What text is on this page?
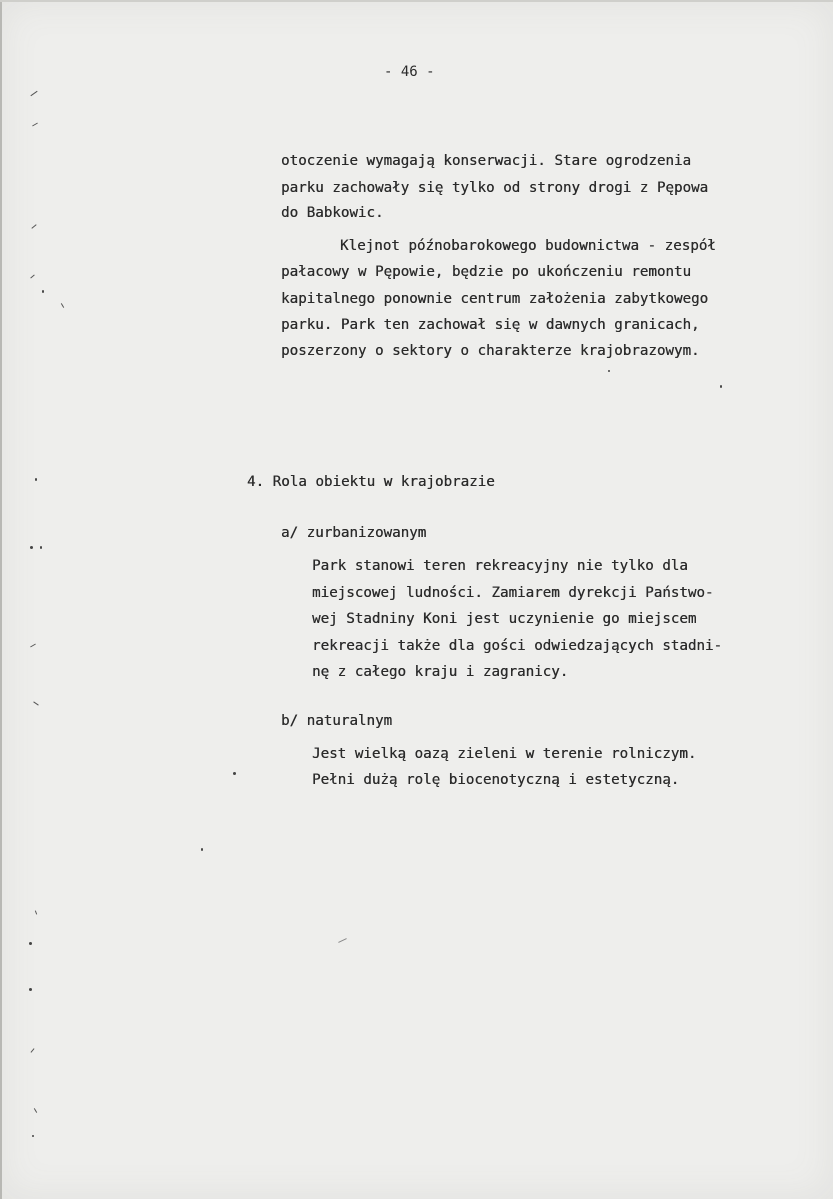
- 46 -
otoczenie wymagają konserwacji. Stare ogrodzenia
parku zachowały się tylko od strony drogi z Pępowa
do Babkowic.
Klejnot późnobarokowego budownictwa - zespół
pałacowy w Pępowie, będzie po ukończeniu remontu
kapitalnego ponownie centrum założenia zabytkowego
parku. Park ten zachował się w dawnych granicach,
poszerzony o sektory o charakterze krajobrazowym.
4. Rola obiektu w krajobrazie
a/ zurbanizowanym
Park stanowi teren rekreacyjny nie tylko dla
miejscowej ludności. Zamiarem dyrekcji Państwo-
wej Stadniny Koni jest uczynienie go miejscem
rekreacji także dla gości odwiedzających stadni-
nę z całego kraju i zagranicy.
b/ naturalnym
Jest wielką oazą zieleni w terenie rolniczym.
Pełni dużą rolę biocenotyczną i estetyczną.
